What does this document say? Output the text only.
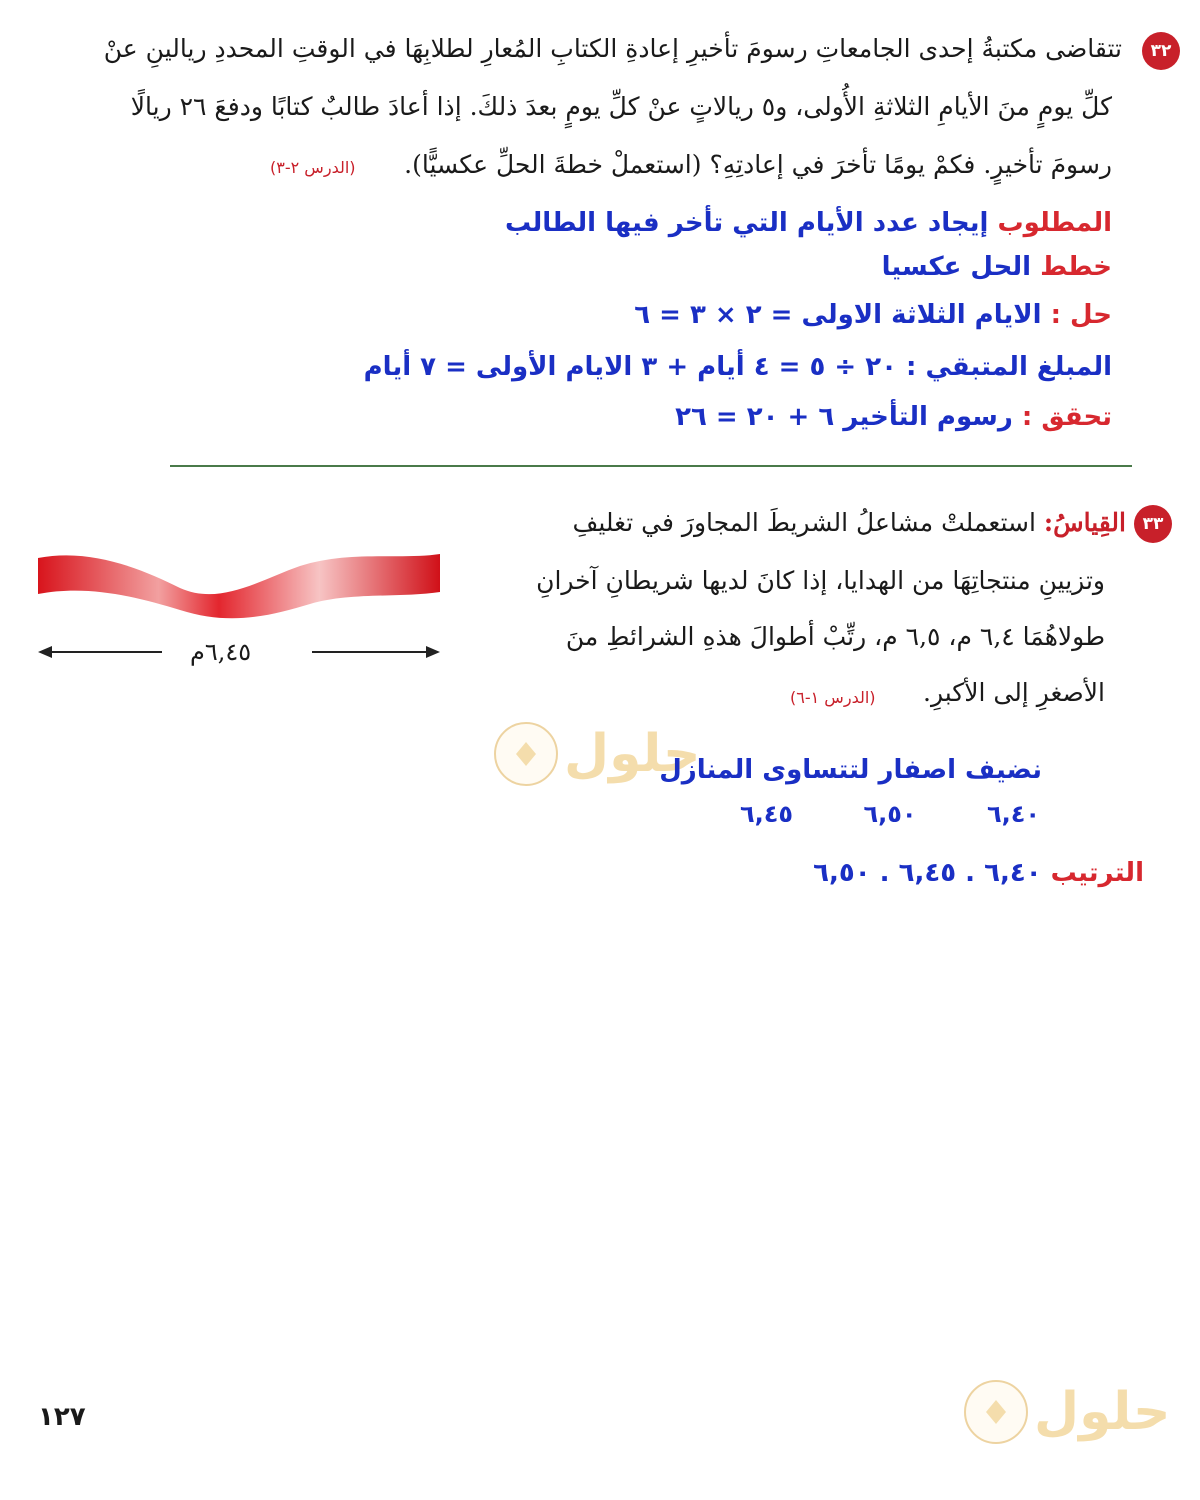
٣٢
تتقاضى مكتبةُ إحدى الجامعاتِ رسومَ تأخيرِ إعادةِ الكتابِ المُعارِ لطلابِهَا في الوقتِ المحددِ ريالينِ عنْ
كلِّ يومٍ منَ الأيامِ الثلاثةِ الأُولى، و٥ ريالاتٍ عنْ كلِّ يومٍ بعدَ ذلكَ. إذا أعادَ طالبٌ كتابًا ودفعَ ٢٦ ريالًا
رسومَ تأخيرٍ. فكمْ يومًا تأخرَ في إعادتِهِ؟ (استعملْ خطةَ الحلِّ عكسيًّا).
(الدرس ٢-٣)
المطلوب إيجاد عدد الأيام التي تأخر فيها الطالب
خطط الحل عكسيا
حل : الايام الثلاثة الاولى = ٢ × ٣ = ٦
المبلغ المتبقي : ٢٠ ÷ ٥ = ٤ أيام + ٣ الايام الأولى = ٧ أيام
تحقق : رسوم التأخير ٦ + ٢٠ = ٢٦
٣٣
القِياسُ: استعملتْ مشاعلُ الشريطَ المجاورَ في تغليفِ
وتزيينِ منتجاتِهَا من الهدايا، إذا كانَ لديها شريطانِ آخرانِ
طولاهُمَا ٦,٤ م، ٦,٥ م، رتِّبْ أطوالَ هذهِ الشرائطِ منَ
الأصغرِ إلى الأكبرِ.
(الدرس ١-٦)
٦,٤٥م
حلول
نضيف اصفار لتتساوى المنازل
٦,٤٥	٦,٥٠	٦,٤٠
الترتيب ٦,٤٠ . ٦,٤٥ . ٦,٥٠
حلول
١٢٧
